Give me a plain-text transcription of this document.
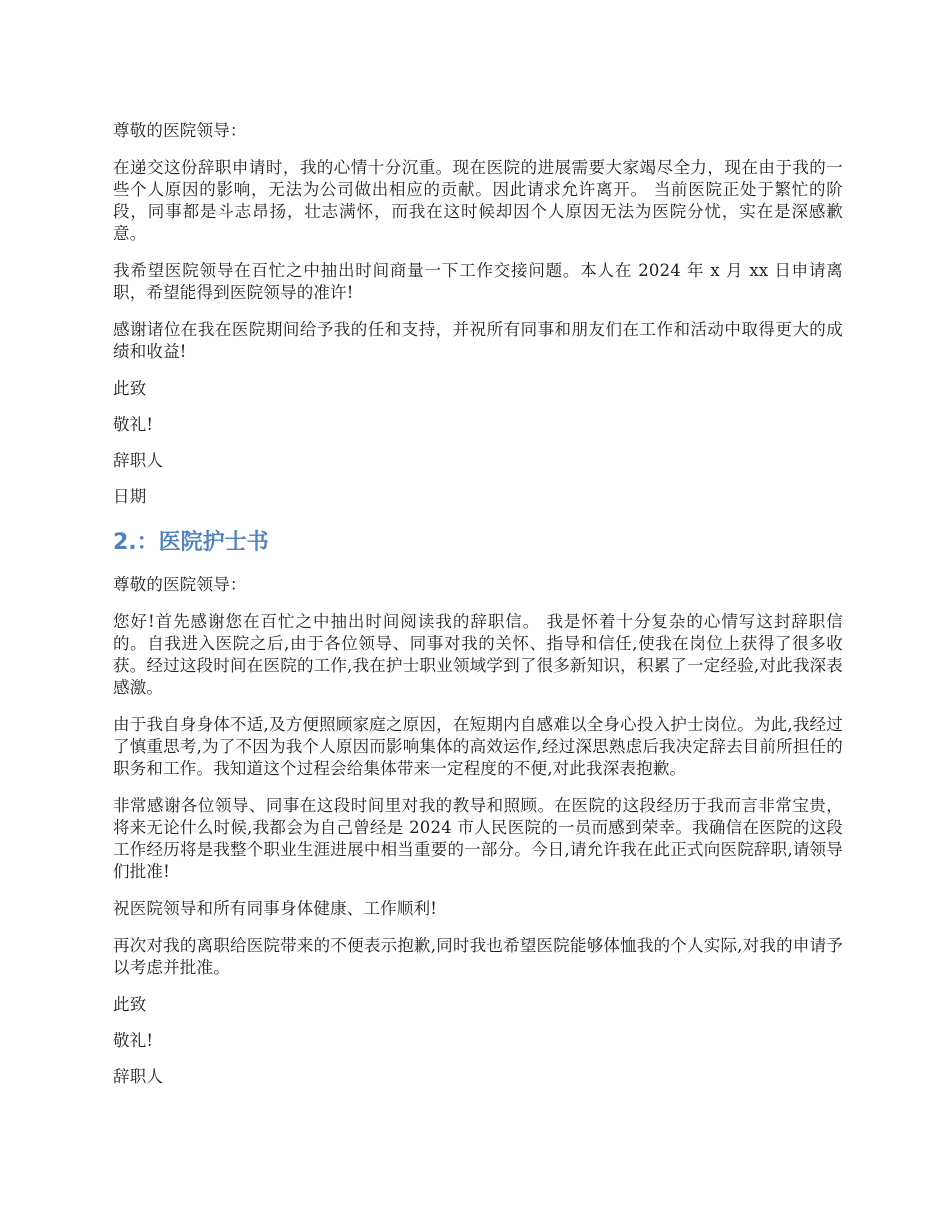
尊敬的医院领导：

在递交这份辞职申请时，我的心情十分沉重。现在医院的进展需要大家竭尽全力，现在由于我的一些个人原因的影响，无法为公司做出相应的贡献。因此请求允许离开。 当前医院正处于繁忙的阶段，同事都是斗志昂扬，壮志满怀，而我在这时候却因个人原因无法为医院分忧，实在是深感歉意。

我希望医院领导在百忙之中抽出时间商量一下工作交接问题。本人在 2024 年 x 月 xx 日申请离职，希望能得到医院领导的准许!

感谢诸位在我在医院期间给予我的任和支持，并祝所有同事和朋友们在工作和活动中取得更大的成绩和收益!

此致

敬礼!

辞职人

日期

2.：医院护士书

尊敬的医院领导：

您好!首先感谢您在百忙之中抽出时间阅读我的辞职信。 我是怀着十分复杂的心情写这封辞职信的。自我进入医院之后,由于各位领导、同事对我的关怀、指导和信任,使我在岗位上获得了很多收获。经过这段时间在医院的工作,我在护士职业领域学到了很多新知识，积累了一定经验,对此我深表感激。

由于我自身身体不适,及方便照顾家庭之原因，在短期内自感难以全身心投入护士岗位。为此,我经过了慎重思考,为了不因为我个人原因而影响集体的高效运作,经过深思熟虑后我决定辞去目前所担任的职务和工作。我知道这个过程会给集体带来一定程度的不便,对此我深表抱歉。

非常感谢各位领导、同事在这段时间里对我的教导和照顾。在医院的这段经历于我而言非常宝贵，将来无论什么时候,我都会为自己曾经是 2024 市人民医院的一员而感到荣幸。我确信在医院的这段工作经历将是我整个职业生涯进展中相当重要的一部分。今日,请允许我在此正式向医院辞职,请领导们批准!

祝医院领导和所有同事身体健康、工作顺利!

再次对我的离职给医院带来的不便表示抱歉,同时我也希望医院能够体恤我的个人实际,对我的申请予以考虑并批准。

此致

敬礼!

辞职人
